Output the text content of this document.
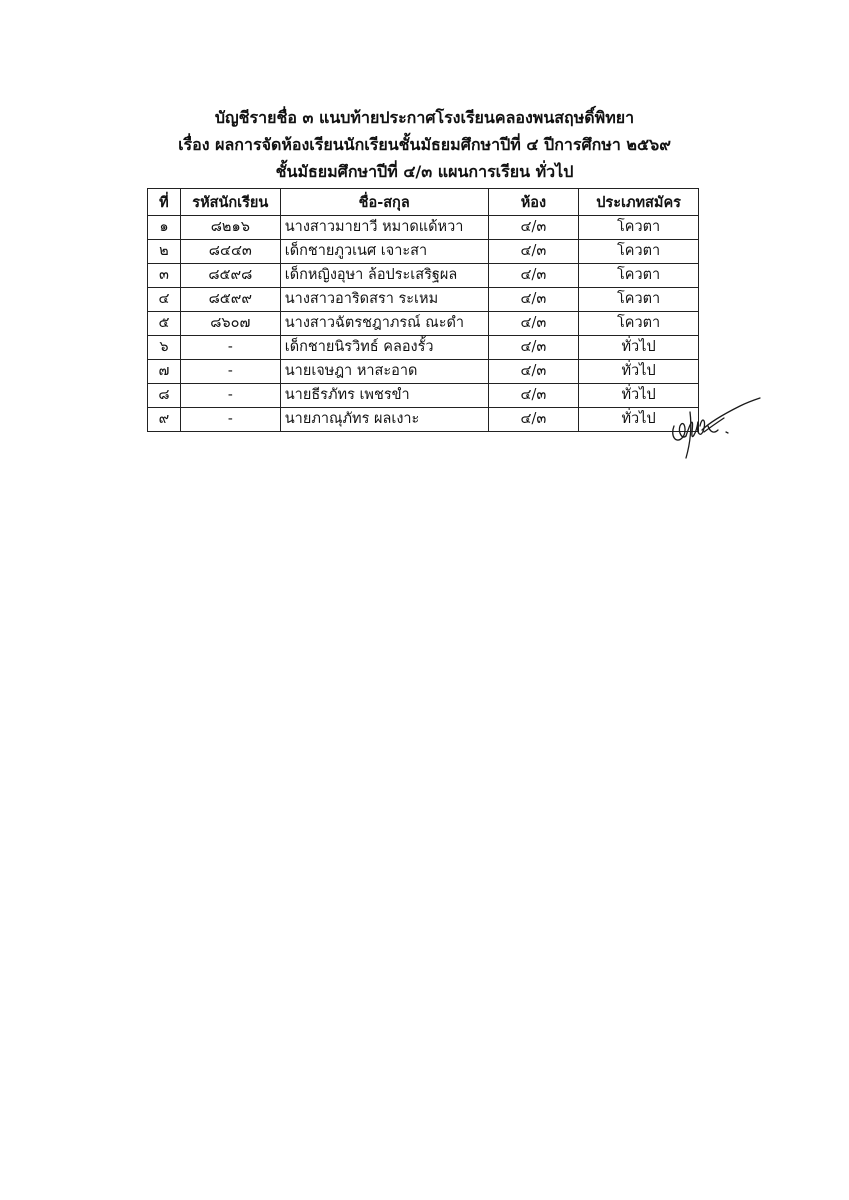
บัญชีรายชื่อ ๓ แนบท้ายประกาศโรงเรียนคลองพนสฤษดิ์พิทยา
เรื่อง ผลการจัดห้องเรียนนักเรียนชั้นมัธยมศึกษาปีที่ ๔ ปีการศึกษา ๒๕๖๙
ชั้นมัธยมศึกษาปีที่ ๔/๓ แผนการเรียน ทั่วไป
ที่	รหัสนักเรียน	ชื่อ-สกุล	ห้อง	ประเภทสมัคร
๑	๘๒๑๖	นางสาวมายาวี หมาดแด้หวา	๔/๓	โควตา
๒	๘๔๔๓	เด็กชายภูวเนศ เจาะสา	๔/๓	โควตา
๓	๘๕๙๘	เด็กหญิงอุษา ล้อประเสริฐผล	๔/๓	โควตา
๔	๘๕๙๙	นางสาวอาริดสรา ระเหม	๔/๓	โควตา
๕	๘๖๐๗	นางสาวฉัตรชฎาภรณ์ ณะดำ	๔/๓	โควตา
๖	-	เด็กชายนิรวิทธ์ คลองรั้ว	๔/๓	ทั่วไป
๗	-	นายเจษฎา หาสะอาด	๔/๓	ทั่วไป
๘	-	นายธีรภัทร เพชรขำ	๔/๓	ทั่วไป
๙	-	นายภาณุภัทร ผลเงาะ	๔/๓	ทั่วไป
